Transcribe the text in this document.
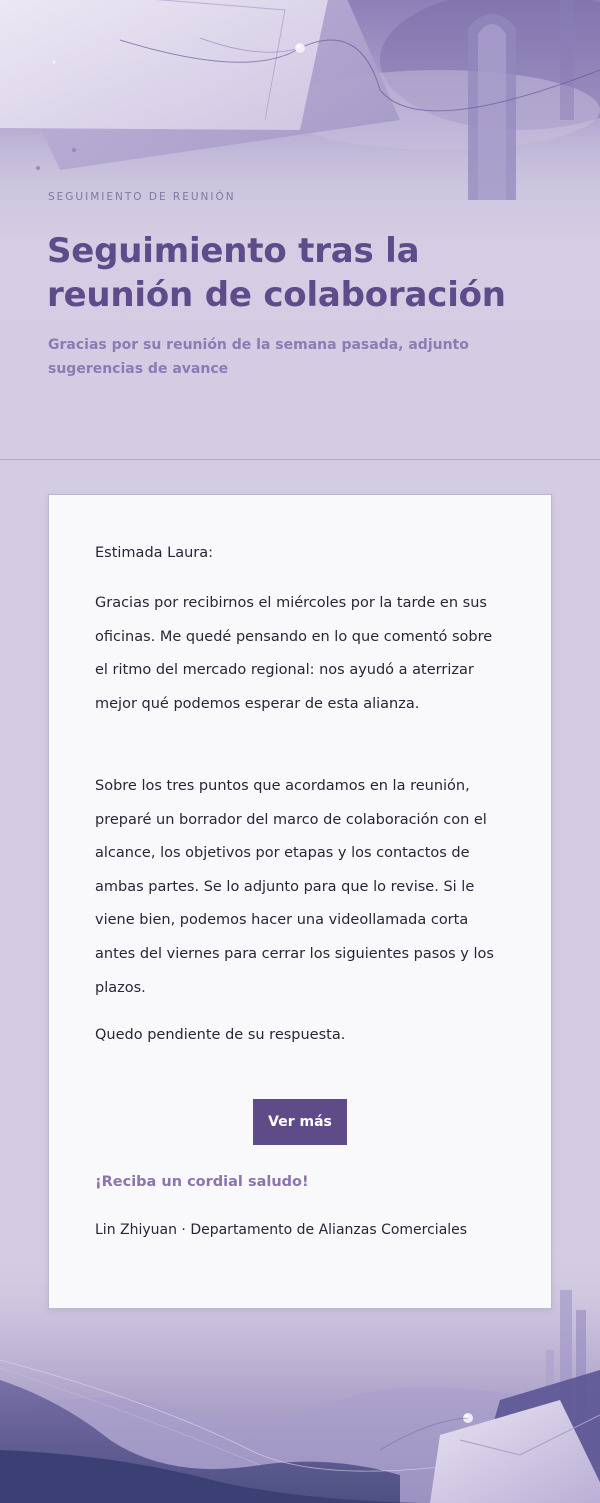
SEGUIMIENTO DE REUNIÓN
Seguimiento tras la reunión de colaboración

Gracias por su reunión de la semana pasada, adjunto sugerencias de avance

Estimada Laura:

Gracias por recibirnos el miércoles por la tarde en sus oficinas. Me quedé pensando en lo que comentó sobre el ritmo del mercado regional: nos ayudó a aterrizar mejor qué podemos esperar de esta alianza.

Sobre los tres puntos que acordamos en la reunión, preparé un borrador del marco de colaboración con el alcance, los objetivos por etapas y los contactos de ambas partes. Se lo adjunto para que lo revise. Si le viene bien, podemos hacer una videollamada corta antes del viernes para cerrar los siguientes pasos y los plazos.

Quedo pendiente de su respuesta.

Ver más

¡Reciba un cordial saludo!

Lin Zhiyuan · Departamento de Alianzas Comerciales
